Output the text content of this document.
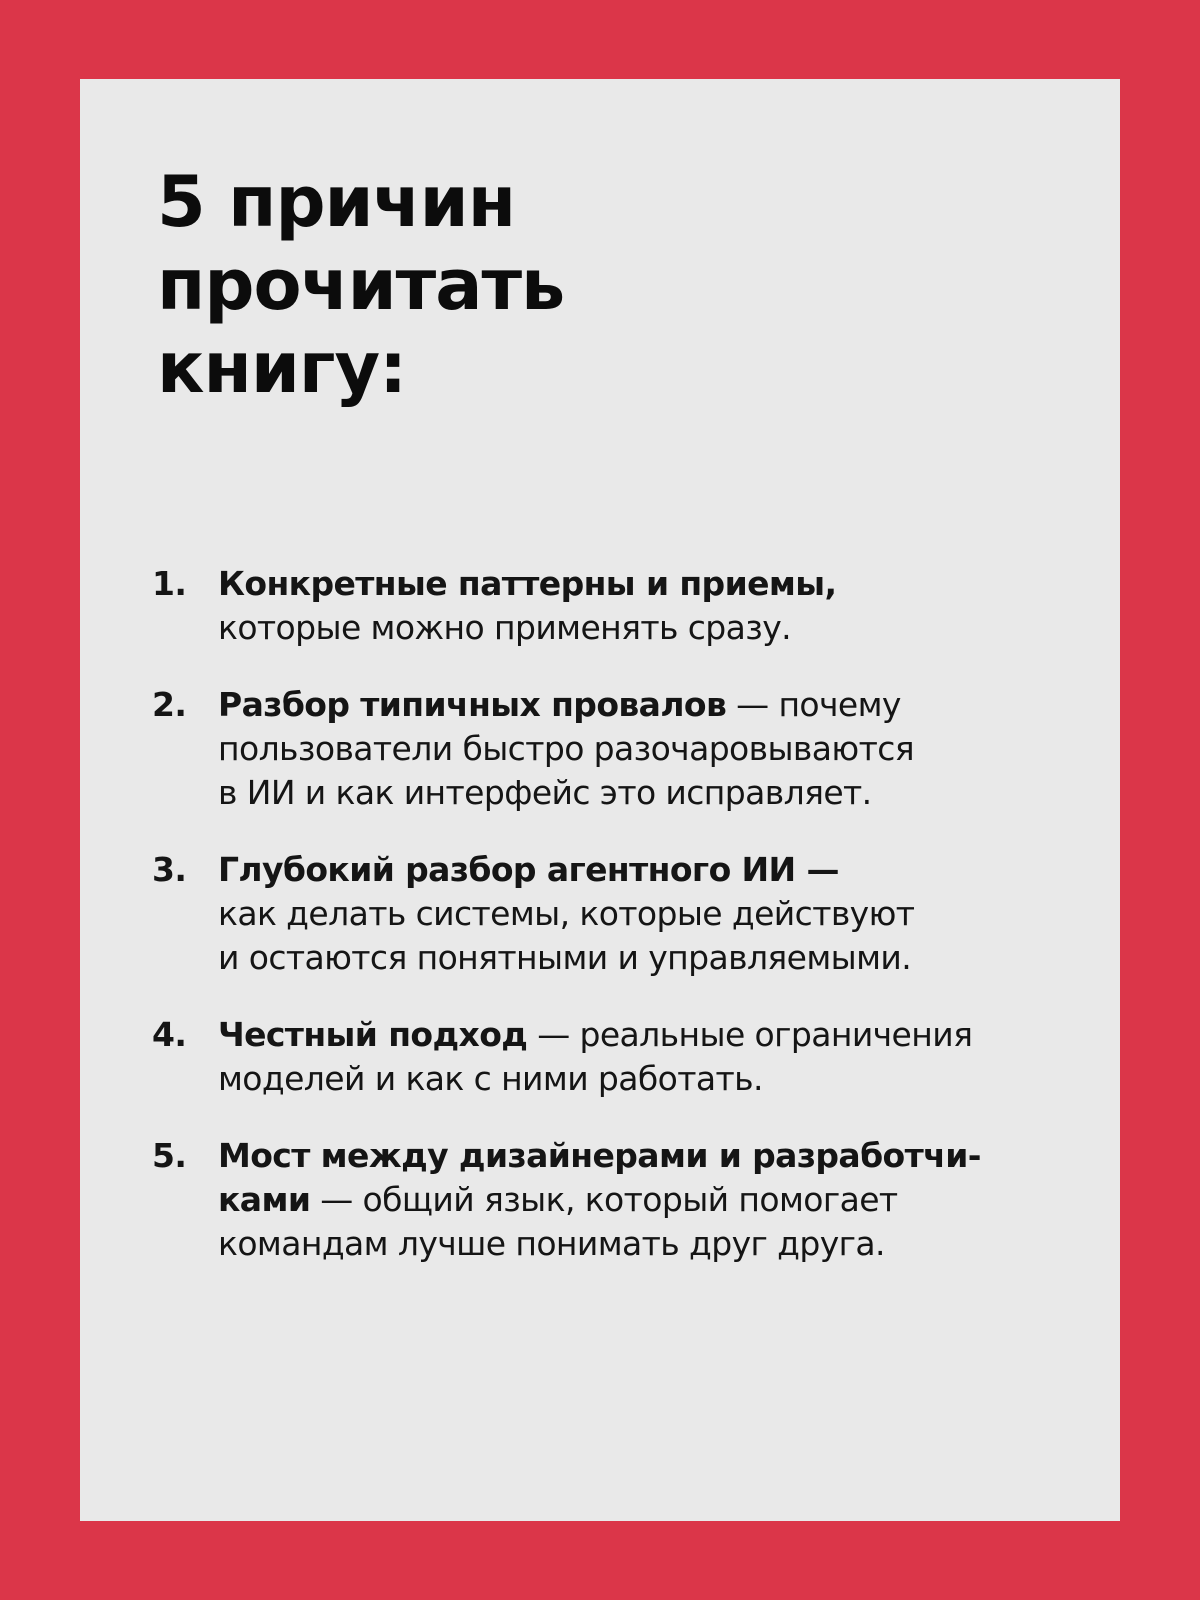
5 причин
прочитать
книгу:
1. Конкретные паттерны и приемы,
которые можно применять сразу.
2. Разбор типичных провалов — почему
пользователи быстро разочаровываются
в ИИ и как интерфейс это исправляет.
3. Глубокий разбор агентного ИИ —
как делать системы, которые действуют
и остаются понятными и управляемыми.
4. Честный подход — реальные ограничения
моделей и как с ними работать.
5. Мост между дизайнерами и разработчи-
ками — общий язык, который помогает
командам лучше понимать друг друга.
